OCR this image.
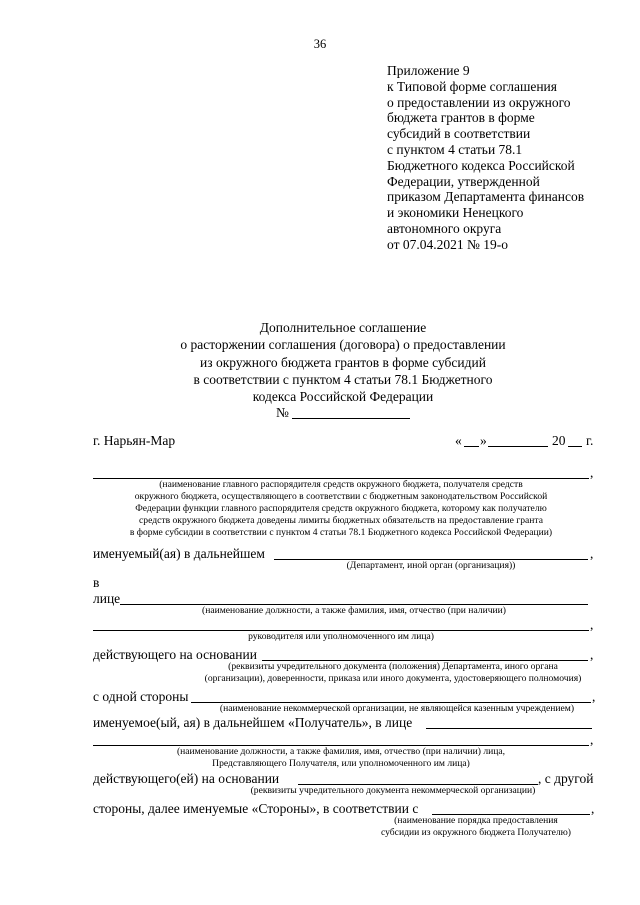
36
Приложение 9
к Типовой форме соглашения
о предоставлении из окружного
бюджета грантов в форме
субсидий в соответствии
с пунктом 4 статьи 78.1
Бюджетного кодекса Российской
Федерации, утвержденной
приказом Департамента финансов
и экономики Ненецкого
автономного округа
от 07.04.2021 № 19-о
Дополнительное соглашение
о расторжении соглашения (договора) о предоставлении
из окружного бюджета грантов в форме субсидий
в соответствии с пунктом 4 статьи 78.1 Бюджетного
кодекса Российской Федерации
№
г. Нарьян-Мар	« »	20 г.
,
(наименование главного распорядителя средств окружного бюджета, получателя средств
окружного бюджета, осуществляющего в соответствии с бюджетным законодательством Российской
Федерации функции главного распорядителя средств окружного бюджета, которому как получателю
средств окружного бюджета доведены лимиты бюджетных обязательств на предоставление гранта
в форме субсидии в соответствии с пунктом 4 статьи 78.1 Бюджетного кодекса Российской Федерации)
именуемый(ая) в дальнейшем	,
(Департамент, иной орган (организация))
в
лице
(наименование должности, а также фамилия, имя, отчество (при наличии)
,
руководителя или уполномоченного им лица)
действующего на основании	,
(реквизиты учредительного документа (положения) Департамента, иного органа
(организации), доверенности, приказа или иного документа, удостоверяющего полномочия)
с одной стороны	,
(наименование некоммерческой организации, не являющейся казенным учреждением)
именуемое(ый, ая) в дальнейшем «Получатель», в лице
,
(наименование должности, а также фамилия, имя, отчество (при наличии) лица,
Представляющего Получателя, или уполномоченного им лица)
действующего(ей) на основании	, с другой
(реквизиты учредительного документа некоммерческой организации)
стороны, далее именуемые «Стороны», в соответствии с	,
(наименование порядка предоставления
субсидии из окружного бюджета Получателю)
